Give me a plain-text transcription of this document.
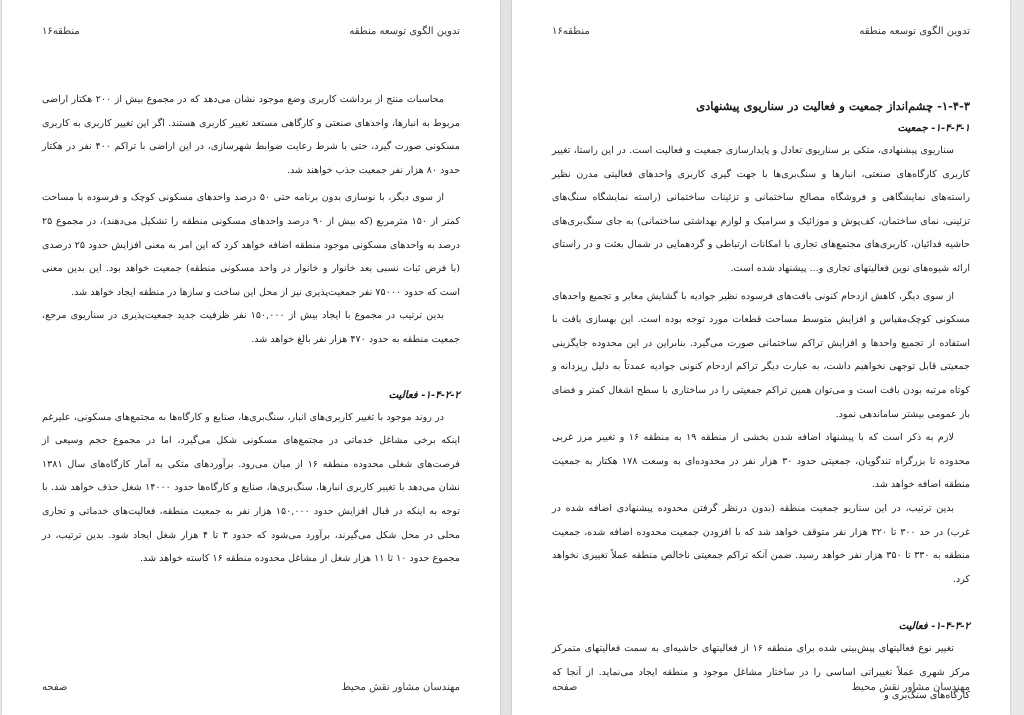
تدوین الگوی توسعه منطقه
منطقه۱۶

محاسبات منتج از برداشت کاربری وضع موجود نشان می‌دهد که در مجموع بیش از ۲۰۰ هکتار اراضی مربوط به انبارها، واحدهای صنعتی و کارگاهی مستعد تغییر کاربری هستند. اگر این تغییر کاربری به کاربری مسکونی صورت گیرد، حتی با شرط رعایت ضوابط شهرسازی، در این اراضی با تراکم ۴۰۰ نفر در هکتار حدود ۸۰ هزار نفر جمعیت جذب خواهند شد.

از سوی دیگر، با نوسازی بدون برنامه حتی ۵۰ درصد واحدهای مسکونی کوچک و فرسوده با مساحت کمتر از ۱۵۰ مترمربع (که بیش از ۹۰ درصد واحدهای مسکونی منطقه را تشکیل می‌دهند)، در مجموع ۲۵ درصد به واحدهای مسکونی موجود منطقه اضافه خواهد کرد که این امر به معنی افزایش حدود ۲۵ درصدی (با فرض ثبات نسبی بعد خانوار و خانوار در واحد مسکونی منطقه) جمعیت خواهد بود. این بدین معنی است که حدود ۷۵۰۰۰ نفر جمعیت‌پذیری نیز از محل این ساخت و سازها در منطقه ایجاد خواهد شد.

بدین ترتیب در مجموع با ایجاد بیش از ۱۵۰,۰۰۰ نفر ظرفیت جدید جمعیت‌پذیری در سناریوی مرجع، جمعیت منطقه به حدود ۴۷۰ هزار نفر بالغ خواهد شد.

۱-۴-۲-۲- فعالیت

در روند موجود با تغییر کاربری‌های انبار، سنگ‌بری‌ها، صنایع و کارگاه‌ها به مجتمع‌های مسکونی، علیرغم اینکه برخی مشاغل خدماتی در مجتمع‌های مسکونی شکل می‌گیرد، اما در مجموع حجم وسیعی از فرصت‌های شغلی محدوده منطقه ۱۶ از میان می‌رود. برآوردهای متکی به آمار کارگاه‌های سال ۱۳۸۱ نشان می‌دهد با تغییر کاربری انبارها، سنگ‌بری‌ها، صنایع و کارگاه‌ها حدود ۱۴۰۰۰ شغل حذف خواهد شد. با توجه به اینکه در قبال افزایش حدود ۱۵۰,۰۰۰ هزار نفر به جمعیت منطقه، فعالیت‌های خدماتی و تجاری محلی در محل شکل می‌گیرند، برآورد می‌شود که حدود ۳ تا ۴ هزار شغل ایجاد شود. بدین ترتیب، در مجموع حدود ۱۰ تا ۱۱ هزار شغل از مشاغل محدوده منطقه ۱۶ کاسته خواهد شد.

مهندسان مشاور نقش محیط
صفحه
تدوین الگوی توسعه منطقه
منطقه۱۶
۱-۴-۳- چشم‌انداز جمعیت و فعالیت در سناریوی پیشنهادی
۱-۴-۳-۱- جمعیت

سناریوی پیشنهادی، متکی بر سناریوی تعادل و پایدارسازی جمعیت و فعالیت است. در این راستا، تغییر کاربری کارگاه‌های صنعتی، انبارها و سنگ‌بری‌ها با جهت گیری کاربری واحدهای فعالیتی مدرن نظیر راسته‌های نمایشگاهی و فروشگاه مصالح ساختمانی و تزئینات ساختمانی (راسته نمایشگاه سنگ‌های تزئینی، نمای ساختمان، کف‌پوش و موزائیک و سرامیک و لوازم بهداشتی ساختمانی) به جای سنگ‌بری‌های حاشیه فدائیان، کاربری‌های مجتمع‌های تجاری با امکانات ارتباطی و گردهمایی در شمال بعثت و در راستای ارائه شیوه‌های نوین فعالیتهای تجاری و... پیشنهاد شده است.

از سوی دیگر، کاهش ازدحام کنونی بافت‌های فرسوده نظیر جوادیه با گشایش معابر و تجمیع واحدهای مسکونی کوچک‌مقیاس و افزایش متوسط مساحت قطعات مورد توجه بوده است. این بهسازی بافت با استفاده از تجمیع واحدها و افزایش تراکم ساختمانی صورت می‌گیرد. بنابراین در این محدوده جایگزینی جمعیتی قابل توجهی نخواهیم داشت، به عبارت دیگر تراکم ازدحام کنونی جوادیه عمدتاً به دلیل ریزدانه و کوتاه مرتبه بودن بافت است و می‌توان همین تراکم جمعیتی را در ساختاری با سطح اشغال کمتر و فضای باز عمومی بیشتر ساماندهی نمود.

لازم به ذکر است که با پیشنهاد اضافه شدن بخشی از منطقه ۱۹ به منطقه ۱۶ و تغییر مرز غربی محدوده تا بزرگراه تندگویان، جمعیتی حدود ۳۰ هزار نفر در محدوده‌ای به وسعت ۱۷۸ هکتار به جمعیت منطقه اضافه خواهد شد.

بدین ترتیب، در این سناریو جمعیت منطقه (بدون درنظر گرفتن محدوده پیشنهادی اضافه شده در غرب) در حد ۳۰۰ تا ۳۲۰ هزار نفر متوقف خواهد شد که با افزودن جمعیت محدوده اضافه شده، جمعیت منطقه به ۳۳۰ تا ۳۵۰ هزار نفر خواهد رسید. ضمن آنکه تراکم جمعیتی ناخالص منطقه عملاً تغییری نخواهد کرد.

۱-۴-۳-۲- فعالیت

تغییر نوع فعالیتهای پیش‌بینی شده برای منطقه ۱۶ از فعالیتهای حاشیه‌ای به سمت فعالیتهای متمرکز مرکز شهری عملاً تغییراتی اساسی را در ساختار مشاغل موجود و منطقه ایجاد می‌نماید. از آنجا که کارگاه‌های سنگ‌بری و

مهندسان مشاور نقش محیط
صفحه
